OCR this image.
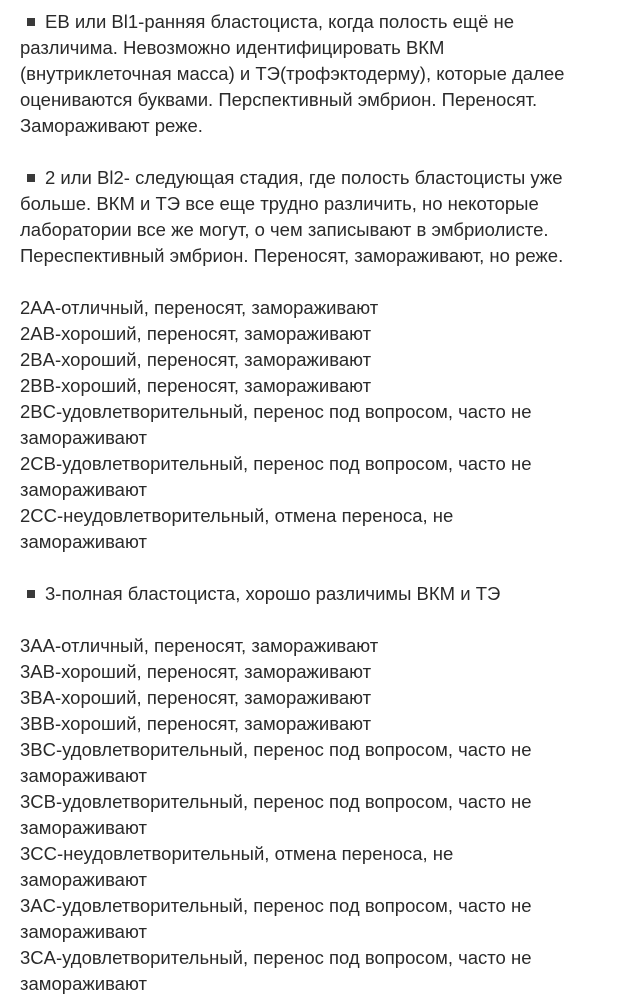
ЕВ или Bl1-ранняя бластоциста, когда полость ещё не
различима. Невозможно идентифицировать ВКМ
(внутриклеточная масса) и ТЭ(трофэктодерму), которые далее
оцениваются буквами. Перспективный эмбрион. Переносят.
Замораживают реже.

2 или Bl2- следующая стадия, где полость бластоцисты уже
больше. ВКМ и ТЭ все еще трудно различить, но некоторые
лаборатории все же могут, о чем записывают в эмбриолисте.
Переспективный эмбрион. Переносят, замораживают, но реже.

2AA-отличный, переносят, замораживают
2AB-хороший, переносят, замораживают
2BA-хороший, переносят, замораживают
2BB-хороший, переносят, замораживают
2BC-удовлетворительный, перенос под вопросом, часто не
замораживают
2CB-удовлетворительный, перенос под вопросом, часто не
замораживают
2CC-неудовлетворительный, отмена переноса, не
замораживают

3-полная бластоциста, хорошо различимы ВКМ и ТЭ

3AA-отличный, переносят, замораживают
3AB-хороший, переносят, замораживают
3BA-хороший, переносят, замораживают
3BB-хороший, переносят, замораживают
3BC-удовлетворительный, перенос под вопросом, часто не
замораживают
3CB-удовлетворительный, перенос под вопросом, часто не
замораживают
3CC-неудовлетворительный, отмена переноса, не
замораживают
3AC-удовлетворительный, перенос под вопросом, часто не
замораживают
3CA-удовлетворительный, перенос под вопросом, часто не
замораживают
